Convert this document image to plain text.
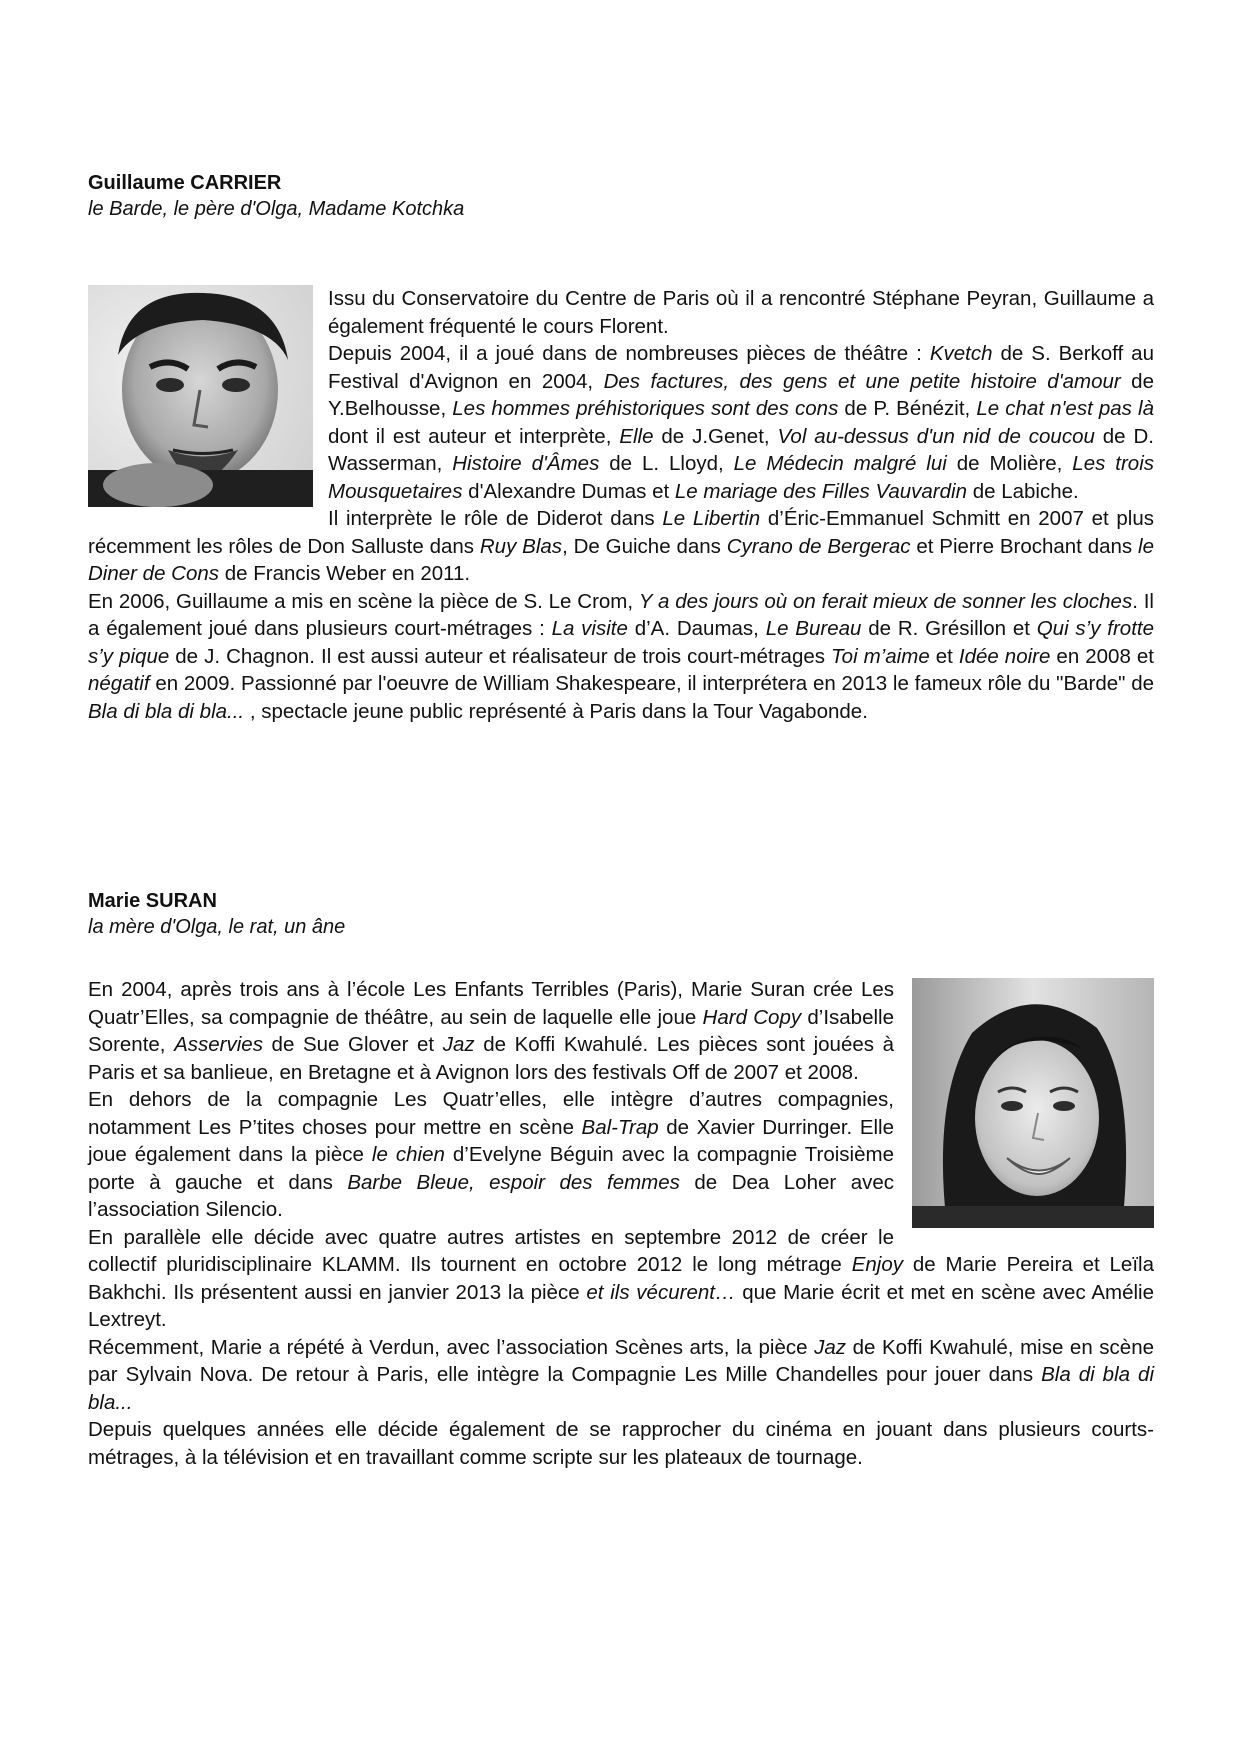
Guillaume CARRIER

le Barde, le père d'Olga, Madame Kotchka

Issu du Conservatoire du Centre de Paris où il a rencontré Stéphane Peyran, Guillaume a également fréquenté le cours Florent.

Depuis 2004, il a joué dans de nombreuses pièces de théâtre : Kvetch de S. Berkoff au Festival d'Avignon en 2004, Des factures, des gens et une petite histoire d'amour de Y.Belhousse, Les hommes préhistoriques sont des cons de P. Bénézit, Le chat n'est pas là dont il est auteur et interprète, Elle de J.Genet, Vol au-dessus d'un nid de coucou de D. Wasserman, Histoire d'Âmes de L. Lloyd, Le Médecin malgré lui de Molière, Les trois Mousquetaires d'Alexandre Dumas et Le mariage des Filles Vauvardin de Labiche.

Il interprète le rôle de Diderot dans Le Libertin d’Éric-Emmanuel Schmitt en 2007 et plus récemment les rôles de Don Salluste dans Ruy Blas, De Guiche dans Cyrano de Bergerac et Pierre Brochant dans le Diner de Cons de Francis Weber en 2011.

En 2006, Guillaume a mis en scène la pièce de S. Le Crom, Y a des jours où on ferait mieux de sonner les cloches. Il a également joué dans plusieurs court-métrages : La visite d’A. Daumas, Le Bureau de R. Grésillon et Qui s’y frotte s’y pique de J. Chagnon. Il est aussi auteur et réalisateur de trois court-métrages Toi m’aime et Idée noire en 2008 et négatif en 2009. Passionné par l'oeuvre de William Shakespeare, il interprétera en 2013 le fameux rôle du "Barde" de Bla di bla di bla... , spectacle jeune public représenté à Paris dans la Tour Vagabonde.

Marie SURAN

la mère d'Olga, le rat, un âne

En 2004, après trois ans à l’école Les Enfants Terribles (Paris), Marie Suran crée Les Quatr’Elles, sa compagnie de théâtre, au sein de laquelle elle joue Hard Copy d’Isabelle Sorente, Asservies de Sue Glover et Jaz de Koffi Kwahulé. Les pièces sont jouées à Paris et sa banlieue, en Bretagne et à Avignon lors des festivals Off de 2007 et 2008.

En dehors de la compagnie Les Quatr’elles, elle intègre d’autres compagnies, notamment Les P’tites choses pour mettre en scène Bal-Trap de Xavier Durringer. Elle joue également dans la pièce le chien d’Evelyne Béguin avec la compagnie Troisième porte à gauche et dans Barbe Bleue, espoir des femmes de Dea Loher avec l’association Silencio.

En parallèle elle décide avec quatre autres artistes en septembre 2012 de créer le collectif pluridisciplinaire KLAMM. Ils tournent en octobre 2012 le long métrage Enjoy de Marie Pereira et Leïla Bakhchi. Ils présentent aussi en janvier 2013 la pièce et ils vécurent… que Marie écrit et met en scène avec Amélie Lextreyt.

Récemment, Marie a répété à Verdun, avec l’association Scènes arts, la pièce Jaz de Koffi Kwahulé, mise en scène par Sylvain Nova. De retour à Paris, elle intègre la Compagnie Les Mille Chandelles pour jouer dans Bla di bla di bla...

Depuis quelques années elle décide également de se rapprocher du cinéma en jouant dans plusieurs courts-métrages, à la télévision et en travaillant comme scripte sur les plateaux de tournage.
